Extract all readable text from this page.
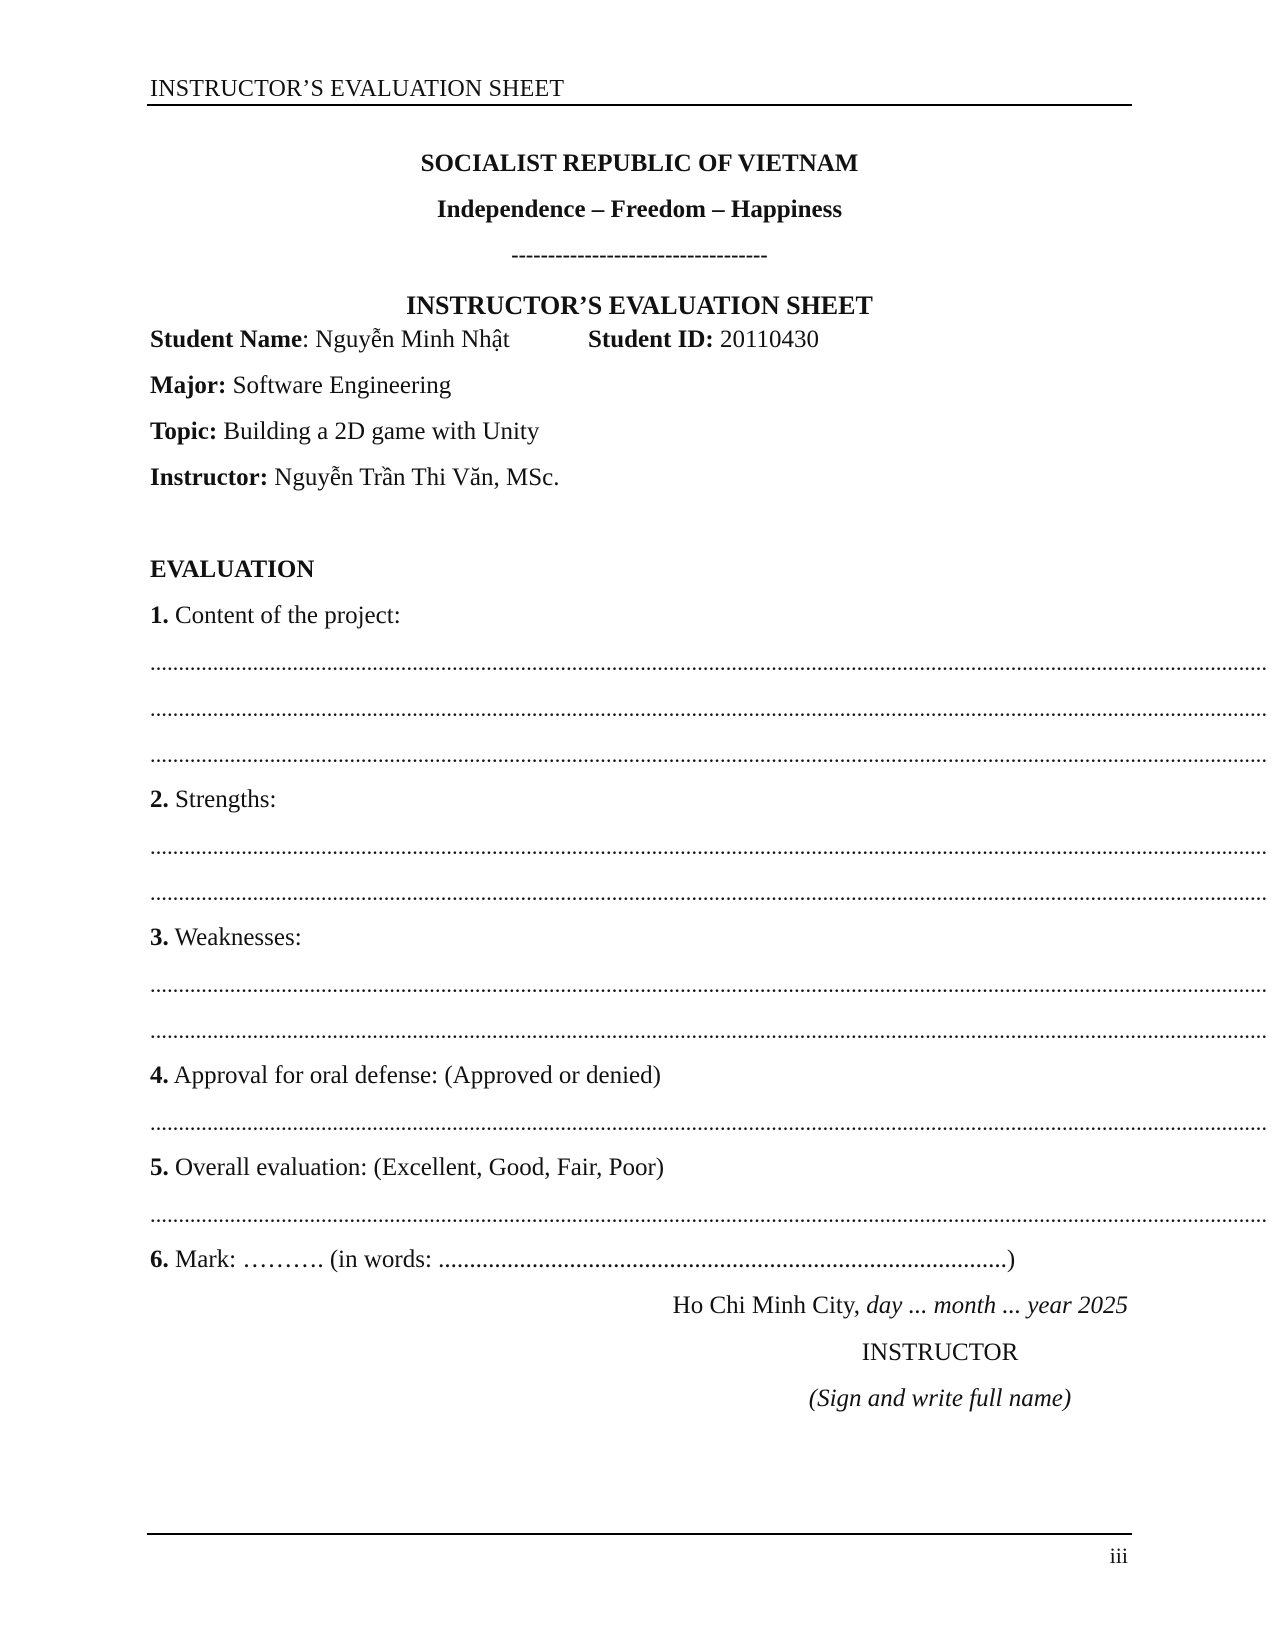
INSTRUCTOR’S EVALUATION SHEET
SOCIALIST REPUBLIC OF VIETNAM
Independence – Freedom – Happiness
-----------------------------------
INSTRUCTOR’S EVALUATION SHEET
Student Name: Nguyễn Minh Nhật	Student ID: 20110430
Major: Software Engineering
Topic: Building a 2D game with Unity
Instructor: Nguyễn Trần Thi Văn, MSc.
EVALUATION
1. Content of the project:
....................................................................................................................................................................................................
....................................................................................................................................................................................................
....................................................................................................................................................................................................
2. Strengths:
....................................................................................................................................................................................................
....................................................................................................................................................................................................
3. Weaknesses:
....................................................................................................................................................................................................
....................................................................................................................................................................................................
4. Approval for oral defense: (Approved or denied)
....................................................................................................................................................................................................
5. Overall evaluation: (Excellent, Good, Fair, Poor)
....................................................................................................................................................................................................
6. Mark: ………. (in words: ...........................................................................................)
Ho Chi Minh City, day ... month ... year 2025
INSTRUCTOR
(Sign and write full name)
iii
